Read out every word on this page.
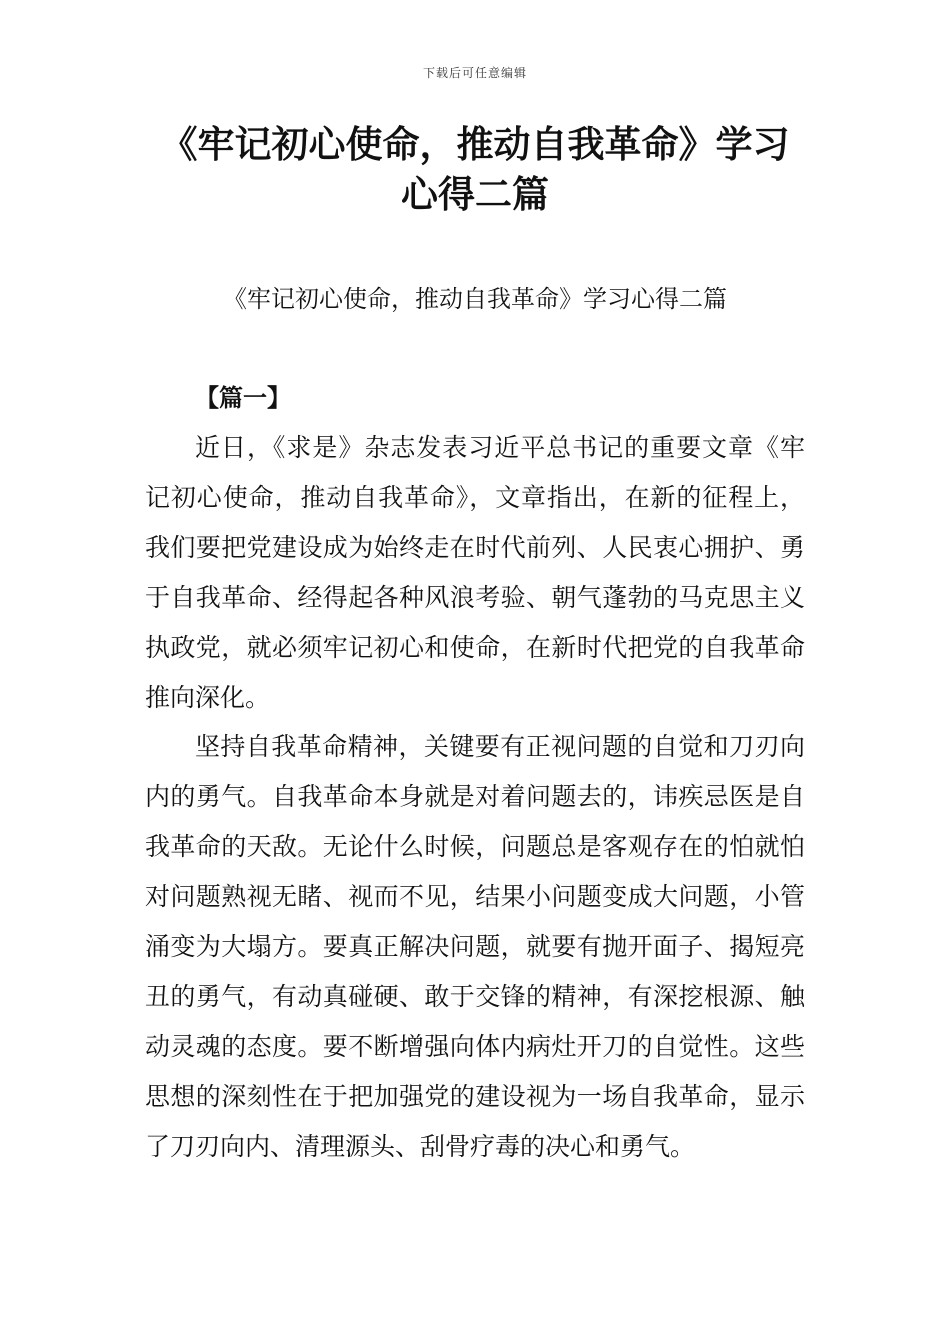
下载后可任意编辑
《牢记初心使命，推动自我革命》学习心得二篇
《牢记初心使命，推动自我革命》学习心得二篇
【篇一】

近日，《求是》杂志发表习近平总书记的重要文章《牢记初心使命，推动自我革命》，文章指出，在新的征程上，我们要把党建设成为始终走在时代前列、人民衷心拥护、勇于自我革命、经得起各种风浪考验、朝气蓬勃的马克思主义执政党，就必须牢记初心和使命，在新时代把党的自我革命推向深化。

坚持自我革命精神，关键要有正视问题的自觉和刀刃向内的勇气。自我革命本身就是对着问题去的，讳疾忌医是自我革命的天敌。无论什么时候，问题总是客观存在的怕就怕对问题熟视无睹、视而不见，结果小问题变成大问题，小管涌变为大塌方。要真正解决问题，就要有抛开面子、揭短亮丑的勇气，有动真碰硬、敢于交锋的精神，有深挖根源、触动灵魂的态度。要不断增强向体内病灶开刀的自觉性。这些思想的深刻性在于把加强党的建设视为一场自我革命，显示了刀刃向内、清理源头、刮骨疗毒的决心和勇气。
